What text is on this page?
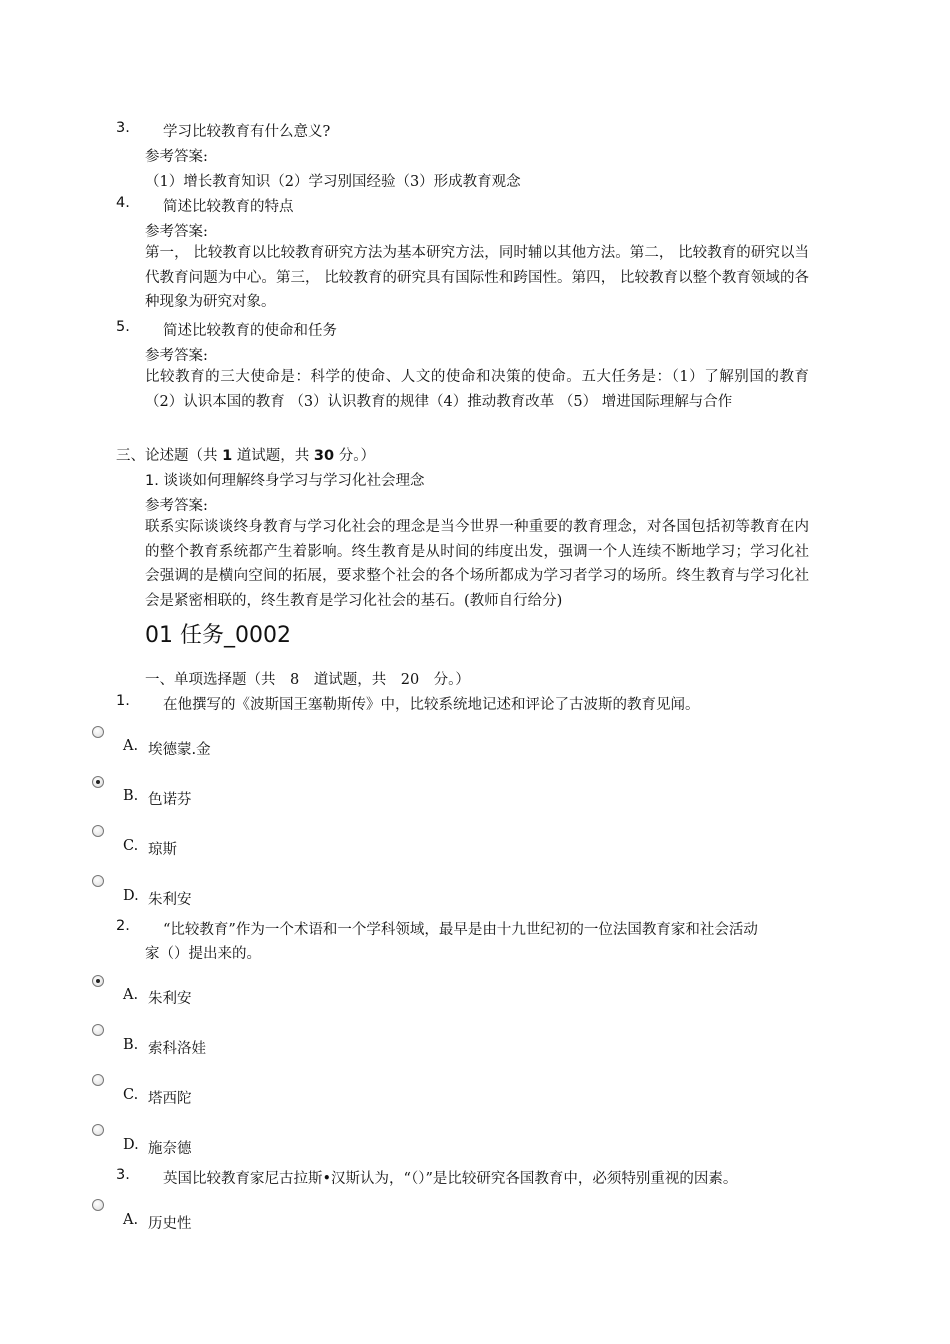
3. 学习比较教育有什么意义?
参考答案:
（1）增长教育知识（2）学习别国经验（3）形成教育观念
4. 简述比较教育的特点
参考答案:
第一， 比较教育以比较教育研究方法为基本研究方法，同时辅以其他方法。第二， 比较教育的研究以当代教育问题为中心。第三， 比较教育的研究具有国际性和跨国性。第四， 比较教育以整个教育领域的各种现象为研究对象。
5. 简述比较教育的使命和任务
参考答案:
比较教育的三大使命是：科学的使命、人文的使命和决策的使命。五大任务是：（1）了解别国的教育 （2）认识本国的教育 （3）认识教育的规律（4）推动教育改革 （5） 增进国际理解与合作
三、论述题（共 1 道试题，共 30 分。）
1. 谈谈如何理解终身学习与学习化社会理念
参考答案:
联系实际谈谈终身教育与学习化社会的理念是当今世界一种重要的教育理念，对各国包括初等教育在内的整个教育系统都产生着影响。终生教育是从时间的纬度出发，强调一个人连续不断地学习；学习化社会强调的是横向空间的拓展，要求整个社会的各个场所都成为学习者学习的场所。终生教育与学习化社会是紧密相联的，终生教育是学习化社会的基石。(教师自行给分)
01 任务_0002
一、单项选择题（共　8　道试题，共　20　分。）
1. 在他撰写的《波斯国王塞勒斯传》中，比较系统地记述和评论了古波斯的教育见闻。
A. 埃德蒙.金
B. 色诺芬
C. 琼斯
D. 朱利安
2. “比较教育”作为一个术语和一个学科领域，最早是由十九世纪初的一位法国教育家和社会活动
家（）提出来的。
A. 朱利安
B. 索科洛娃
C. 塔西陀
D. 施奈德
3. 英国比较教育家尼古拉斯•汉斯认为，“（）”是比较研究各国教育中，必须特别重视的因素。
A. 历史性
